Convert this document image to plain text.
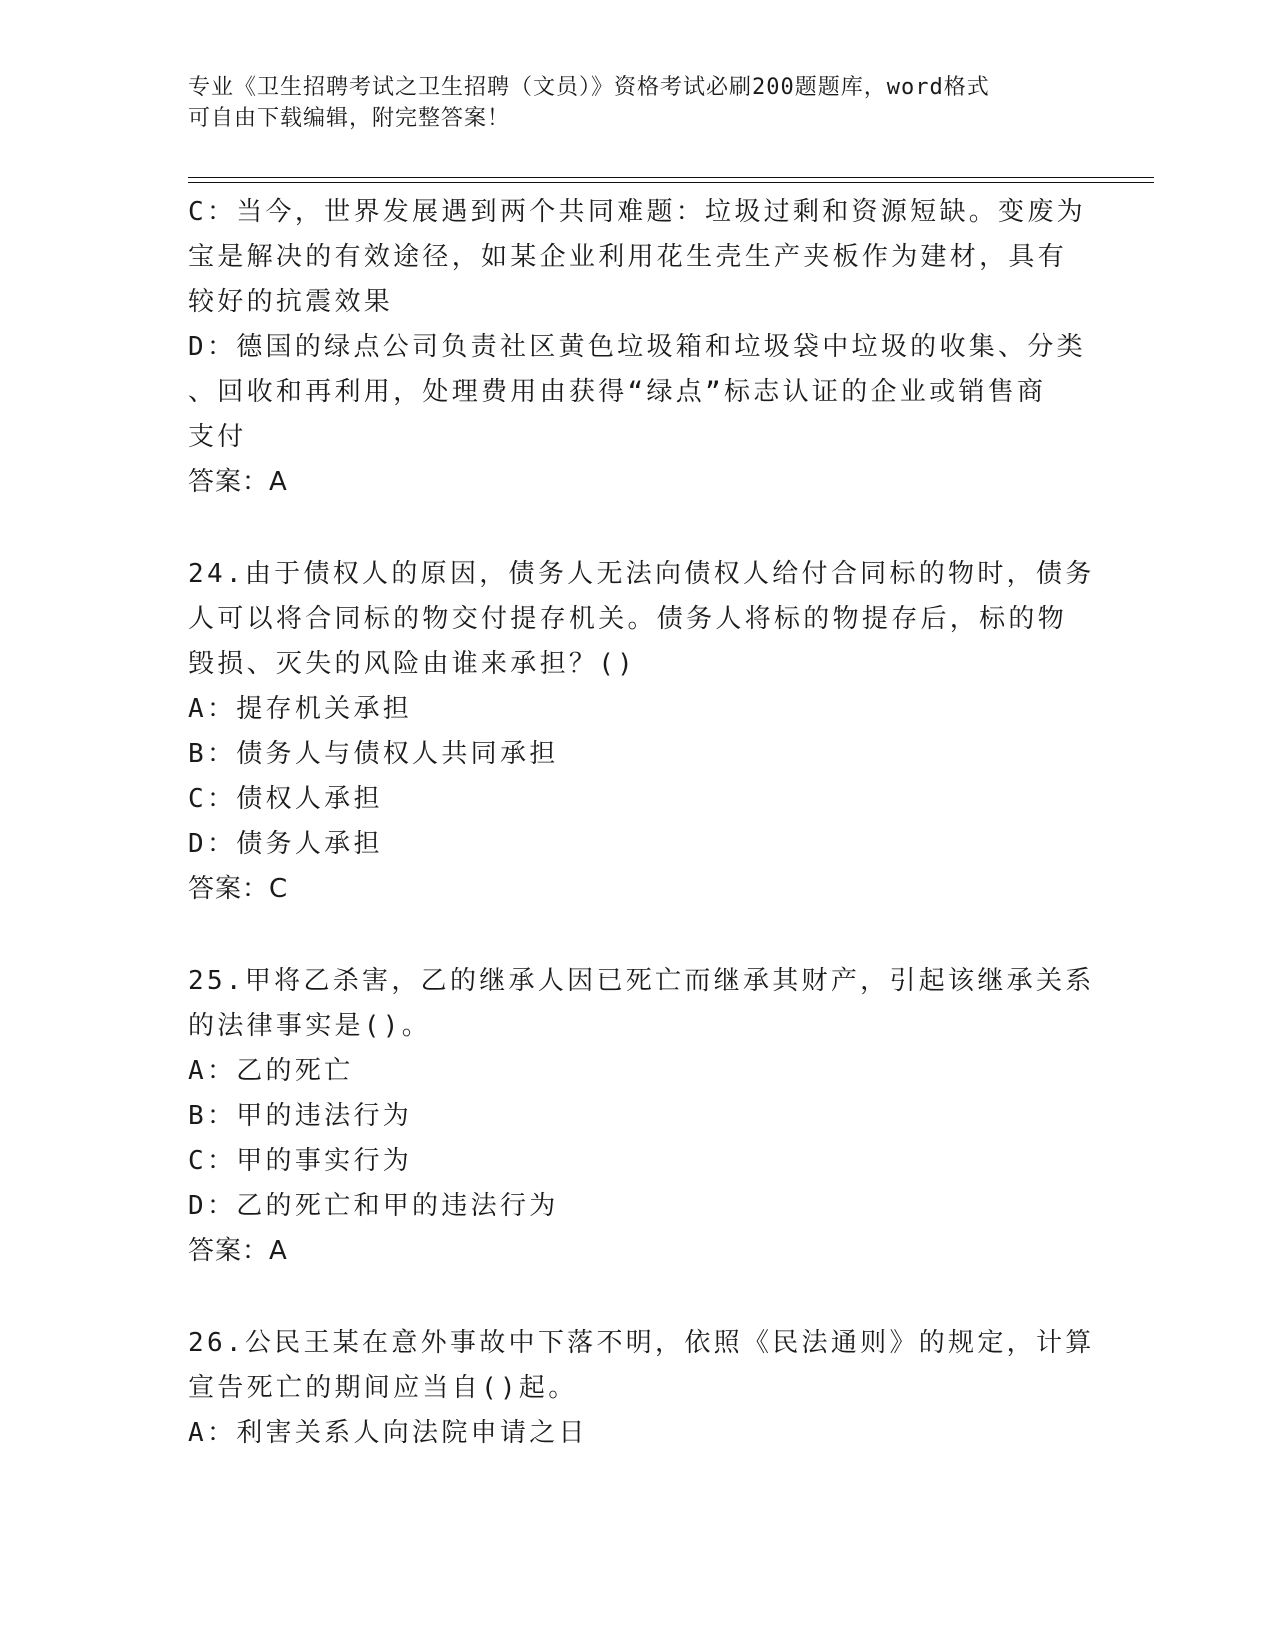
专业《卫生招聘考试之卫生招聘（文员）》资格考试必刷200题题库，word格式
可自由下载编辑，附完整答案！
C：当今，世界发展遇到两个共同难题：垃圾过剩和资源短缺。变废为
宝是解决的有效途径，如某企业利用花生壳生产夹板作为建材，具有
较好的抗震效果
D：德国的绿点公司负责社区黄色垃圾箱和垃圾袋中垃圾的收集、分类
、回收和再利用，处理费用由获得“绿点”标志认证的企业或销售商
支付
答案：A
24.由于债权人的原因，债务人无法向债权人给付合同标的物时，债务
人可以将合同标的物交付提存机关。债务人将标的物提存后，标的物
毁损、灭失的风险由谁来承担？()
A：提存机关承担
B：债务人与债权人共同承担
C：债权人承担
D：债务人承担
答案：C
25.甲将乙杀害，乙的继承人因已死亡而继承其财产，引起该继承关系
的法律事实是()。
A：乙的死亡
B：甲的违法行为
C：甲的事实行为
D：乙的死亡和甲的违法行为
答案：A
26.公民王某在意外事故中下落不明，依照《民法通则》的规定，计算
宣告死亡的期间应当自()起。
A：利害关系人向法院申请之日
